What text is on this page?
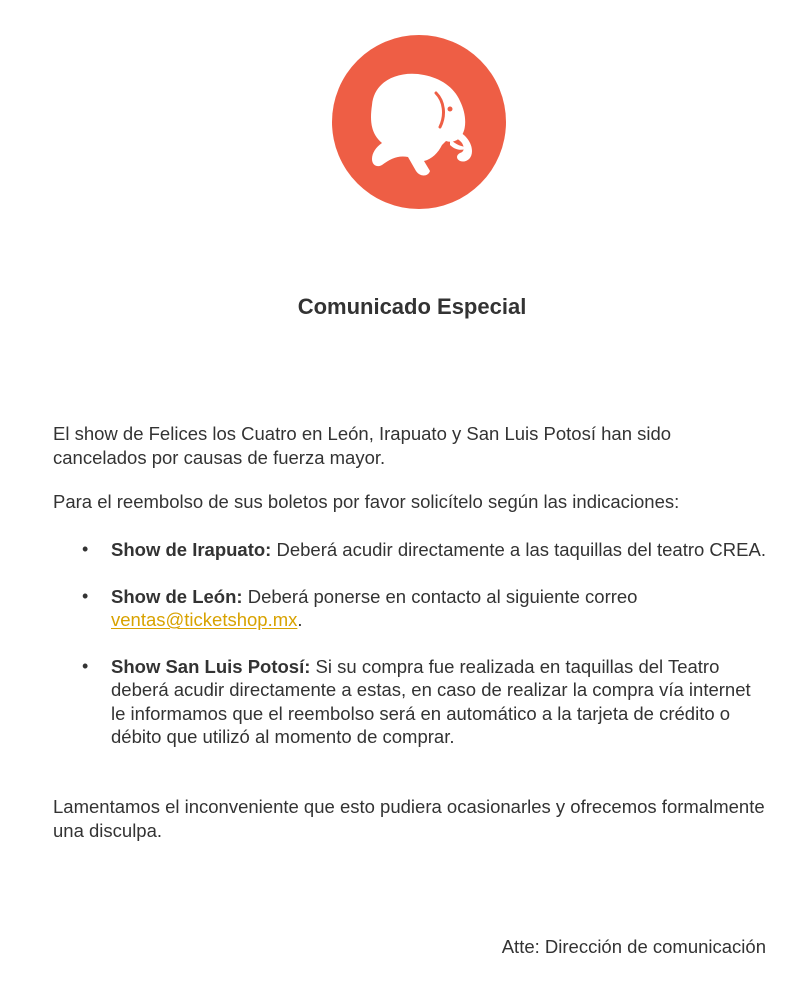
Comunicado Especial

El show de Felices los Cuatro en León, Irapuato y San Luis Potosí han sido cancelados por causas de fuerza mayor.

Para el reembolso de sus boletos por favor solicítelo según las indicaciones:

• Show de Irapuato: Deberá acudir directamente a las taquillas del teatro CREA.
• Show de León: Deberá ponerse en contacto al siguiente correo ventas@ticketshop.mx.
• Show San Luis Potosí: Si su compra fue realizada en taquillas del Teatro deberá acudir directamente a estas, en caso de realizar la compra vía internet le informamos que el reembolso será en automático a la tarjeta de crédito o débito que utilizó al momento de comprar.

Lamentamos el inconveniente que esto pudiera ocasionarles y ofrecemos formalmente una disculpa.

Atte: Dirección de comunicación
